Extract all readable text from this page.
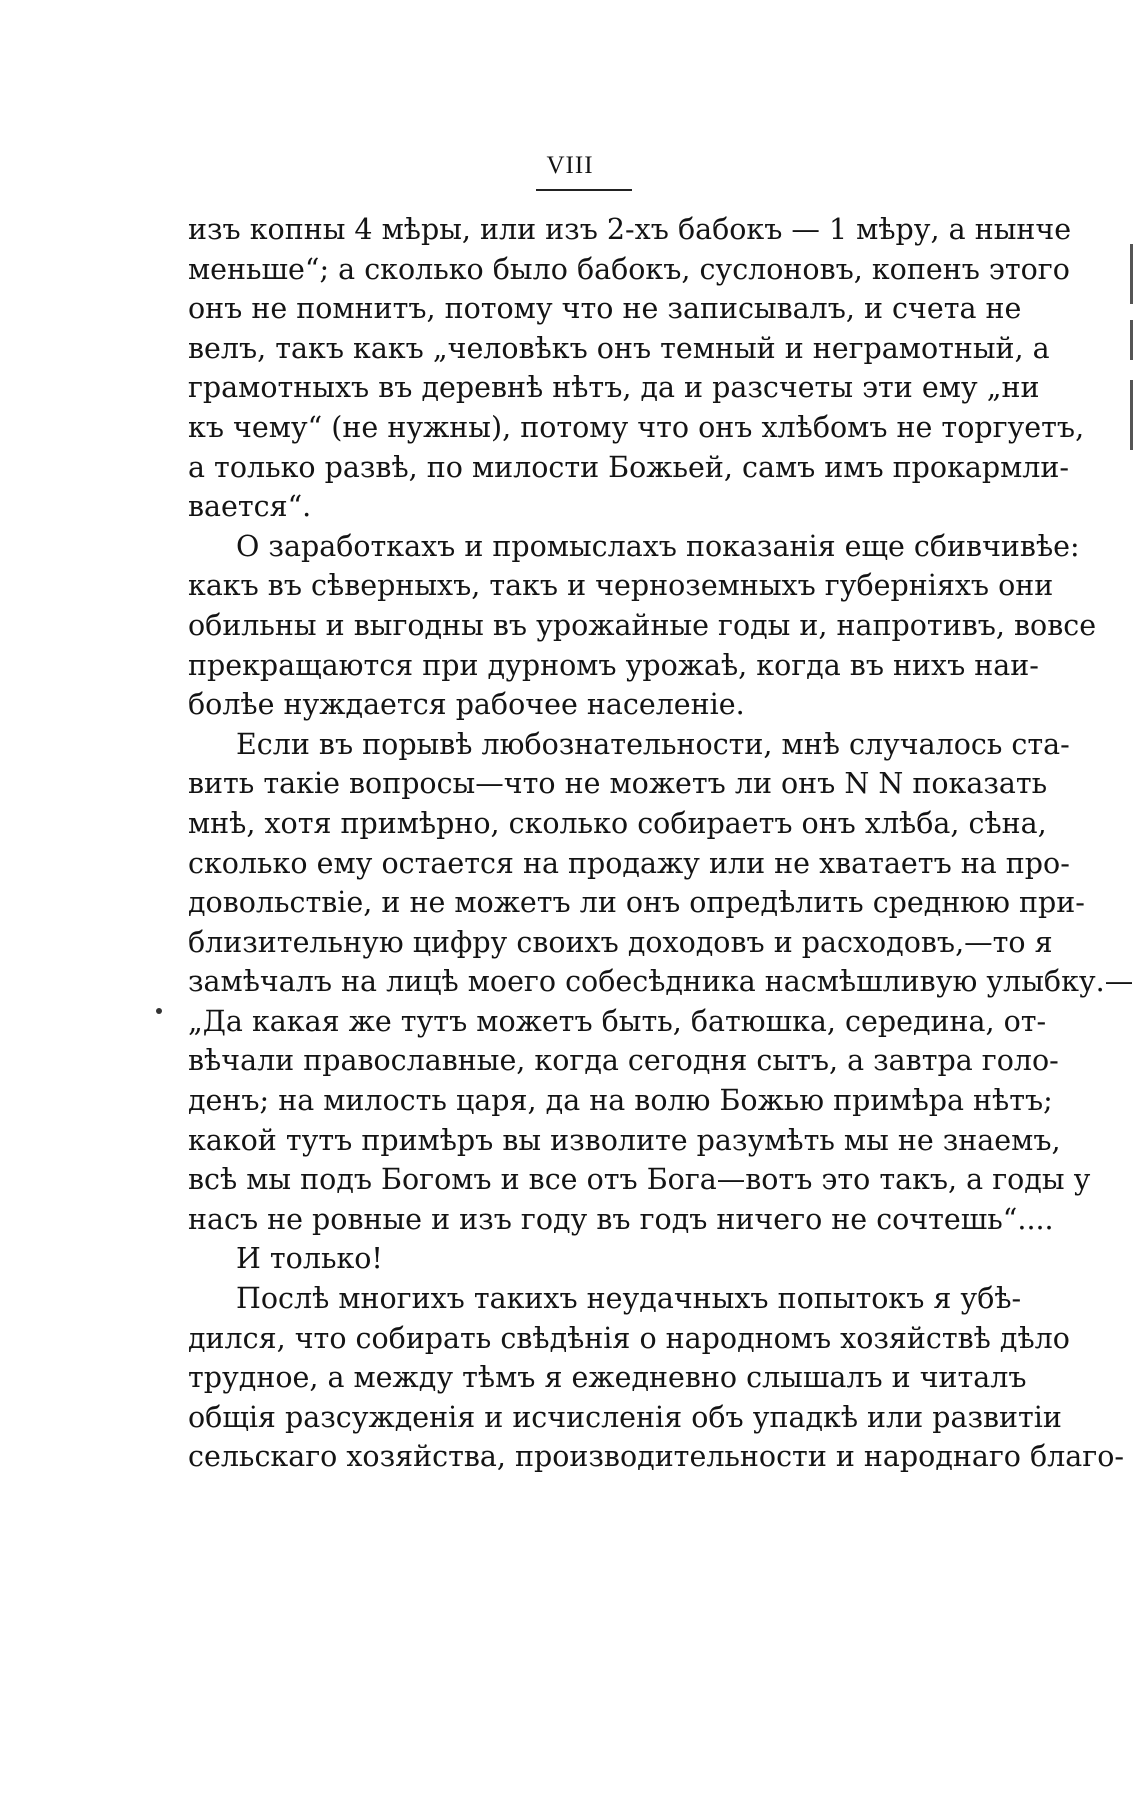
VIII
изъ копны 4 мѣры, или изъ 2-хъ бабокъ — 1 мѣру, а нынче
меньше“; а сколько было бабокъ, суслоновъ, копенъ этого
онъ не помнитъ, потому что не записывалъ, и счета не
велъ, такъ какъ „человѣкъ онъ темный и неграмотный, а
грамотныхъ въ деревнѣ нѣтъ, да и разсчеты эти ему „ни
къ чему“ (не нужны), потому что онъ хлѣбомъ не торгуетъ,
а только развѣ, по милости Божьей, самъ имъ прокармли-
вается“.
О заработкахъ и промыслахъ показанія еще сбивчивѣе:
какъ въ сѣверныхъ, такъ и черноземныхъ губерніяхъ они
обильны и выгодны въ урожайные годы и, напротивъ, вовсе
прекращаются при дурномъ урожаѣ, когда въ нихъ наи-
болѣе нуждается рабочее населеніе.
Если въ порывѣ любознательности, мнѣ случалось ста-
вить такіе вопросы—что не можетъ ли онъ N N показать
мнѣ, хотя примѣрно, сколько собираетъ онъ хлѣба, сѣна,
сколько ему остается на продажу или не хватаетъ на про-
довольствіе, и не можетъ ли онъ опредѣлить среднюю при-
близительную цифру своихъ доходовъ и расходовъ,—то я
замѣчалъ на лицѣ моего собесѣдника насмѣшливую улыбку.—
„Да какая же тутъ можетъ быть, батюшка, середина, от-
вѣчали православные, когда сегодня сытъ, а завтра голо-
денъ; на милость царя, да на волю Божью примѣра нѣтъ;
какой тутъ примѣръ вы изволите разумѣть мы не знаемъ,
всѣ мы подъ Богомъ и все отъ Бога—вотъ это такъ, а годы у
насъ не ровные и изъ году въ годъ ничего не сочтешь“....
И только!
Послѣ многихъ такихъ неудачныхъ попытокъ я убѣ-
дился, что собирать свѣдѣнія о народномъ хозяйствѣ дѣло
трудное, а между тѣмъ я ежедневно слышалъ и читалъ
общія разсужденія и исчисленія объ упадкѣ или развитіи
сельскаго хозяйства, производительности и народнаго благо-
